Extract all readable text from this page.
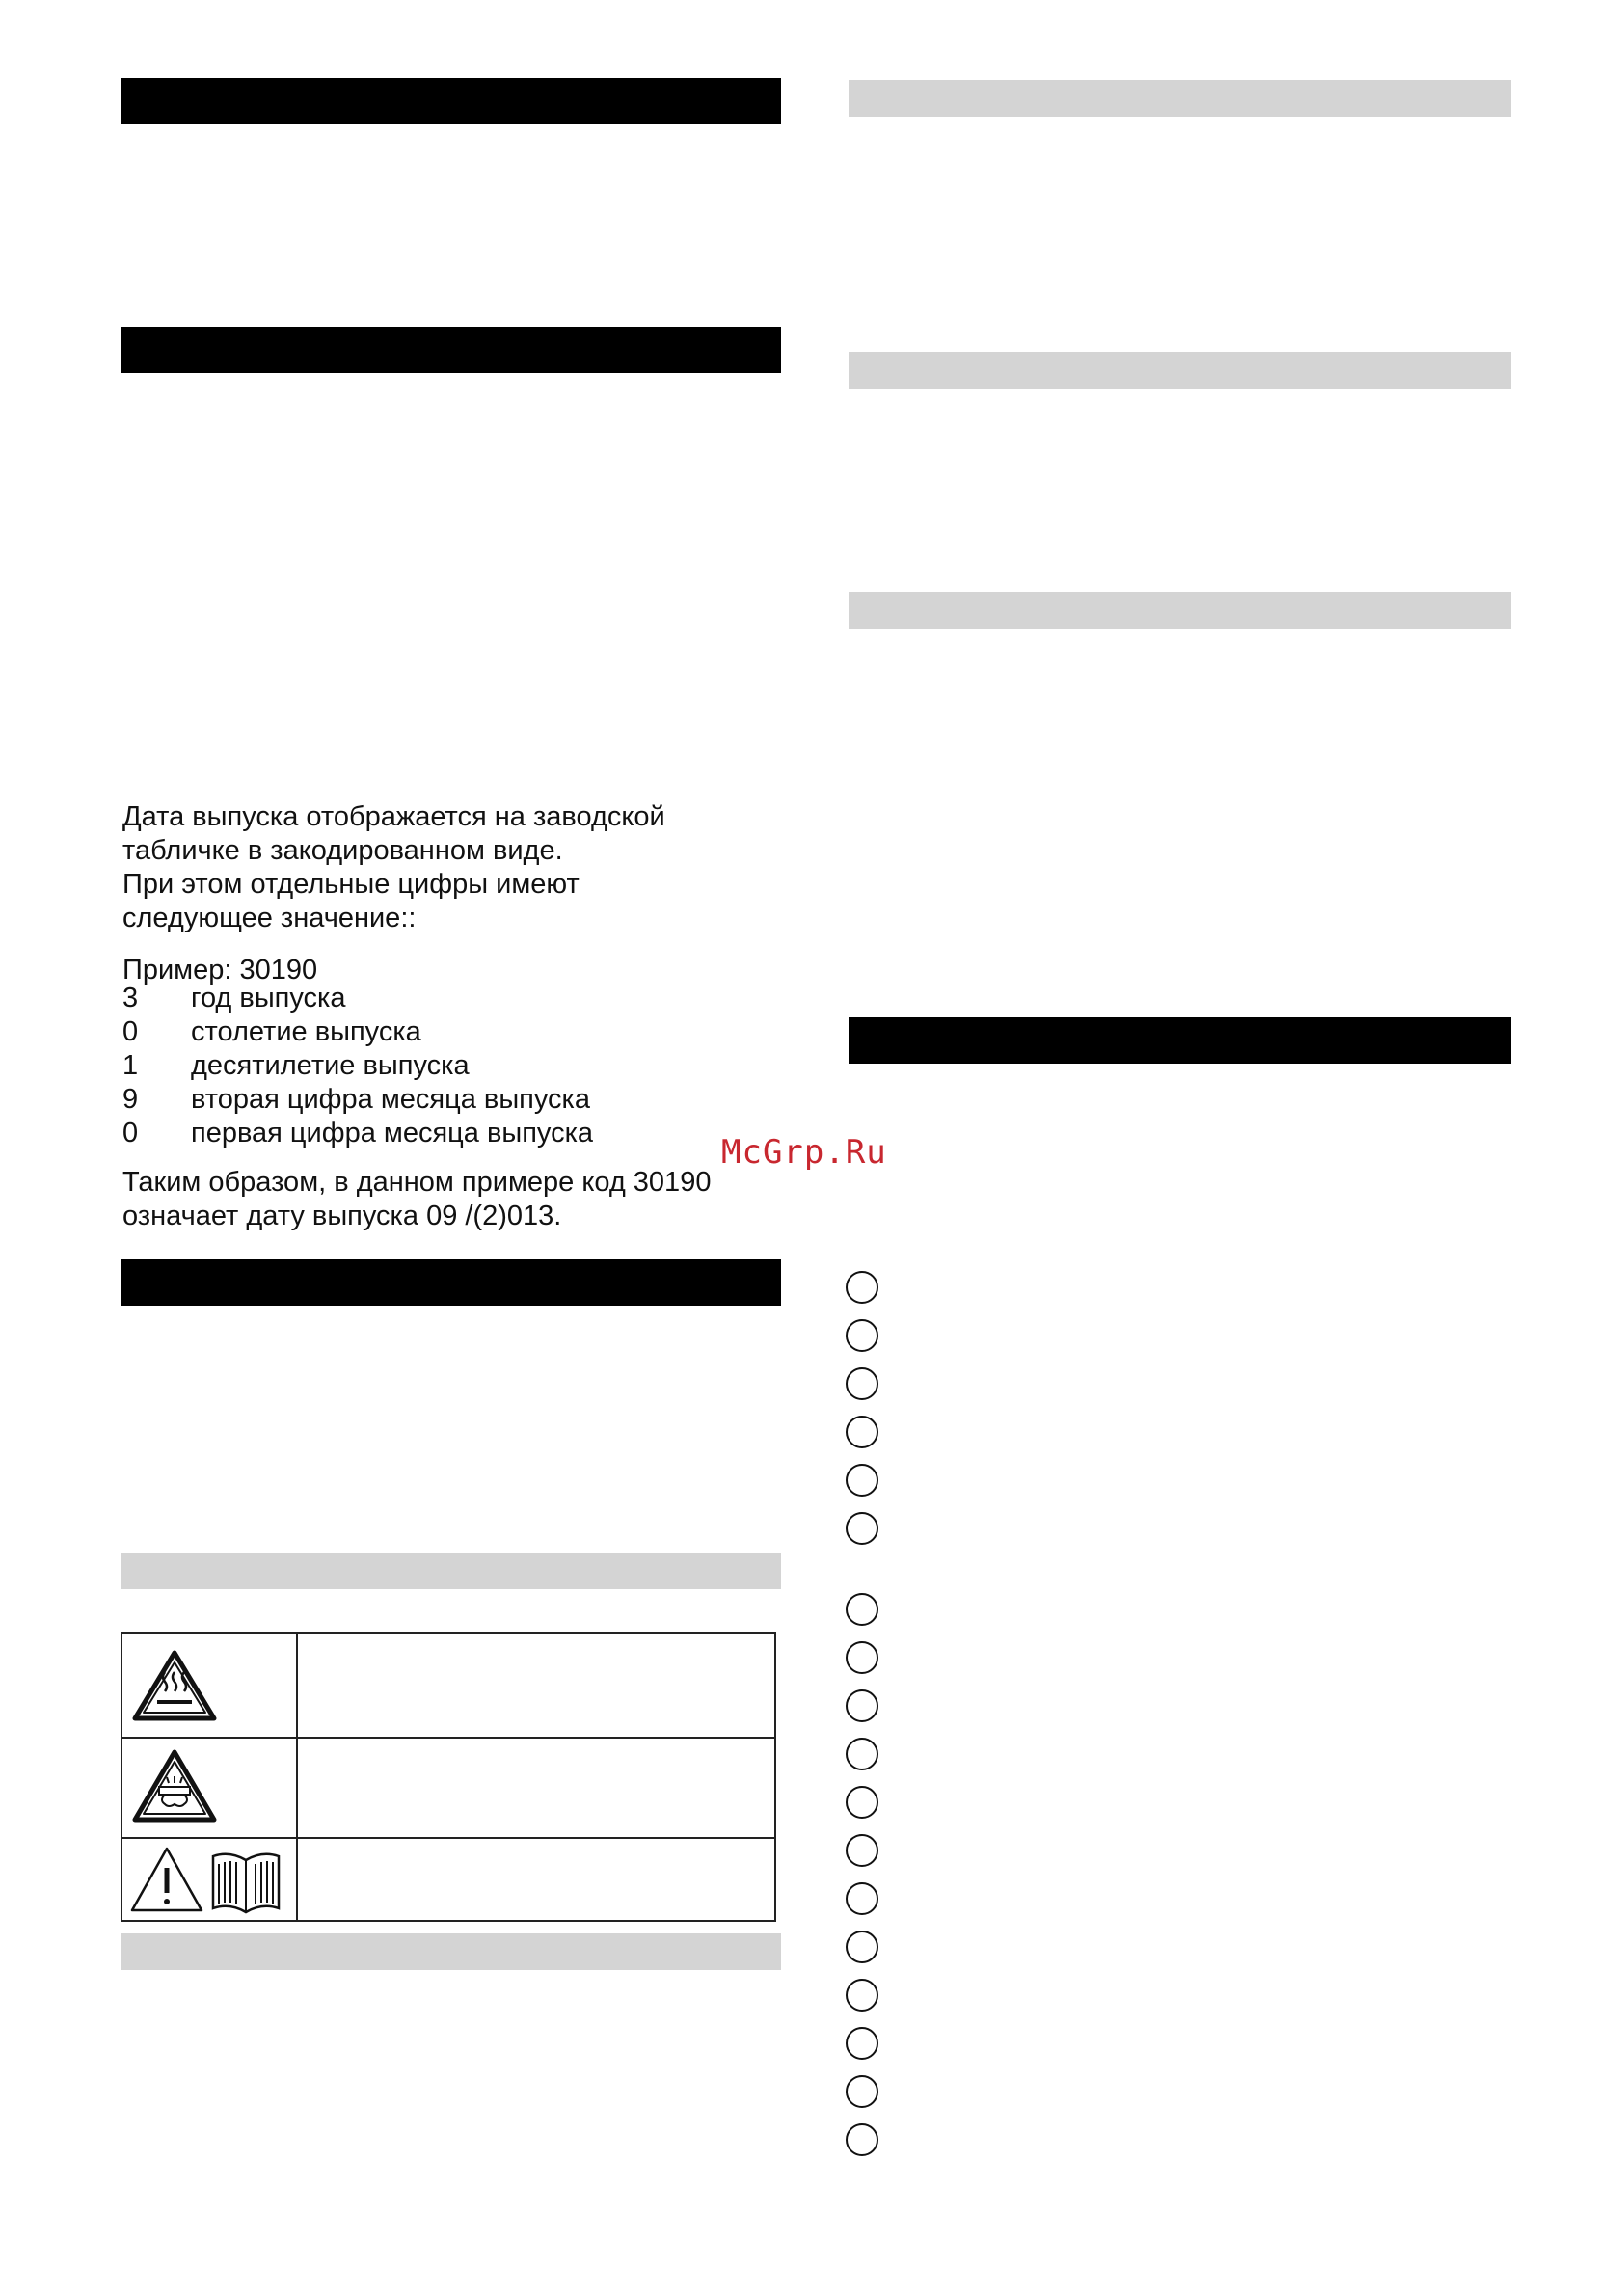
Дата выпуска отображается на заводской
табличке в закодированном виде.
При этом отдельные цифры имеют
следующее значение::
Пример: 30190
3	год выпуска
0	столетие выпуска
1	десятилетие выпуска
9	вторая цифра месяца выпуска
0	первая цифра месяца выпуска
Таким образом, в данном примере код 30190
означает дату выпуска 09 /(2)013.
McGrp.Ru
